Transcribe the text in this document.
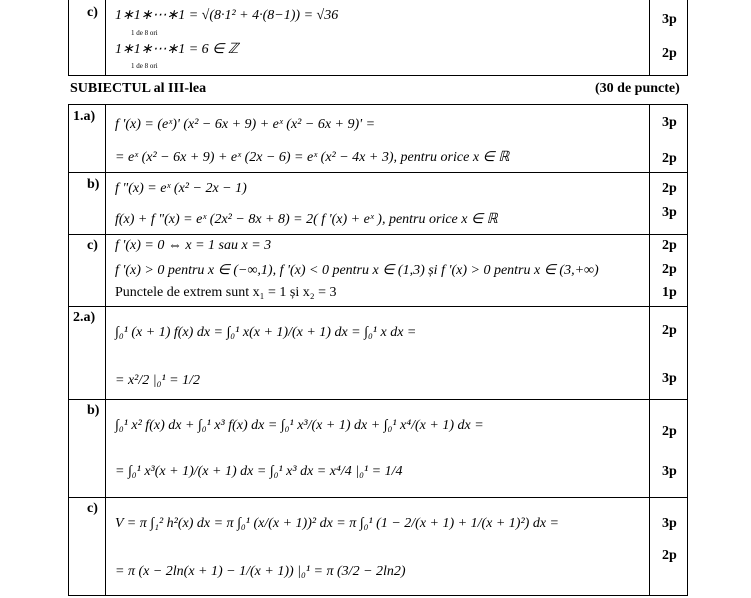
c) 1∗1∗⋯∗1 = √(8·1² + 4·(8−1)) = √36
1 de 8 ori
1∗1∗⋯∗1 = 6 ∈ ℤ
1 de 8 ori
3p
2p
SUBIECTUL al III-lea	(30 de puncte)
1.a)
f '(x) = (eˣ)' (x² − 6x + 9) + eˣ (x² − 6x + 9)' =
= eˣ (x² − 6x + 9) + eˣ (2x − 6) = eˣ (x² − 4x + 3), pentru orice x ∈ ℝ
3p
2p
b) f "(x) = eˣ (x² − 2x − 1)
f(x) + f "(x) = eˣ (2x² − 8x + 8) = 2( f '(x) + eˣ ), pentru orice x ∈ ℝ
2p
3p
c) f '(x) = 0 ⇔ x = 1 sau x = 3
f '(x) > 0 pentru x ∈ (−∞,1), f '(x) < 0 pentru x ∈ (1,3) și f '(x) > 0 pentru x ∈ (3,+∞)
Punctele de extrem sunt x₁ = 1 și x₂ = 3
2p
2p
1p
2.a)
∫₀¹ (x + 1) f(x) dx = ∫₀¹ x(x + 1)/(x + 1) dx = ∫₀¹ x dx =
= x²/2 |₀¹ = 1/2
2p
3p
b)
∫₀¹ x² f(x) dx + ∫₀¹ x³ f(x) dx = ∫₀¹ x³/(x + 1) dx + ∫₀¹ x⁴/(x + 1) dx =
= ∫₀¹ x³(x + 1)/(x + 1) dx = ∫₀¹ x³ dx = x⁴/4 |₀¹ = 1/4
2p
3p
c)
V = π ∫₁² h²(x) dx = π ∫₀¹ (x/(x + 1))² dx = π ∫₀¹ (1 − 2/(x + 1) + 1/(x + 1)²) dx =
= π (x − 2ln(x + 1) − 1/(x + 1)) |₀¹ = π (3/2 − 2ln2)
3p
2p
